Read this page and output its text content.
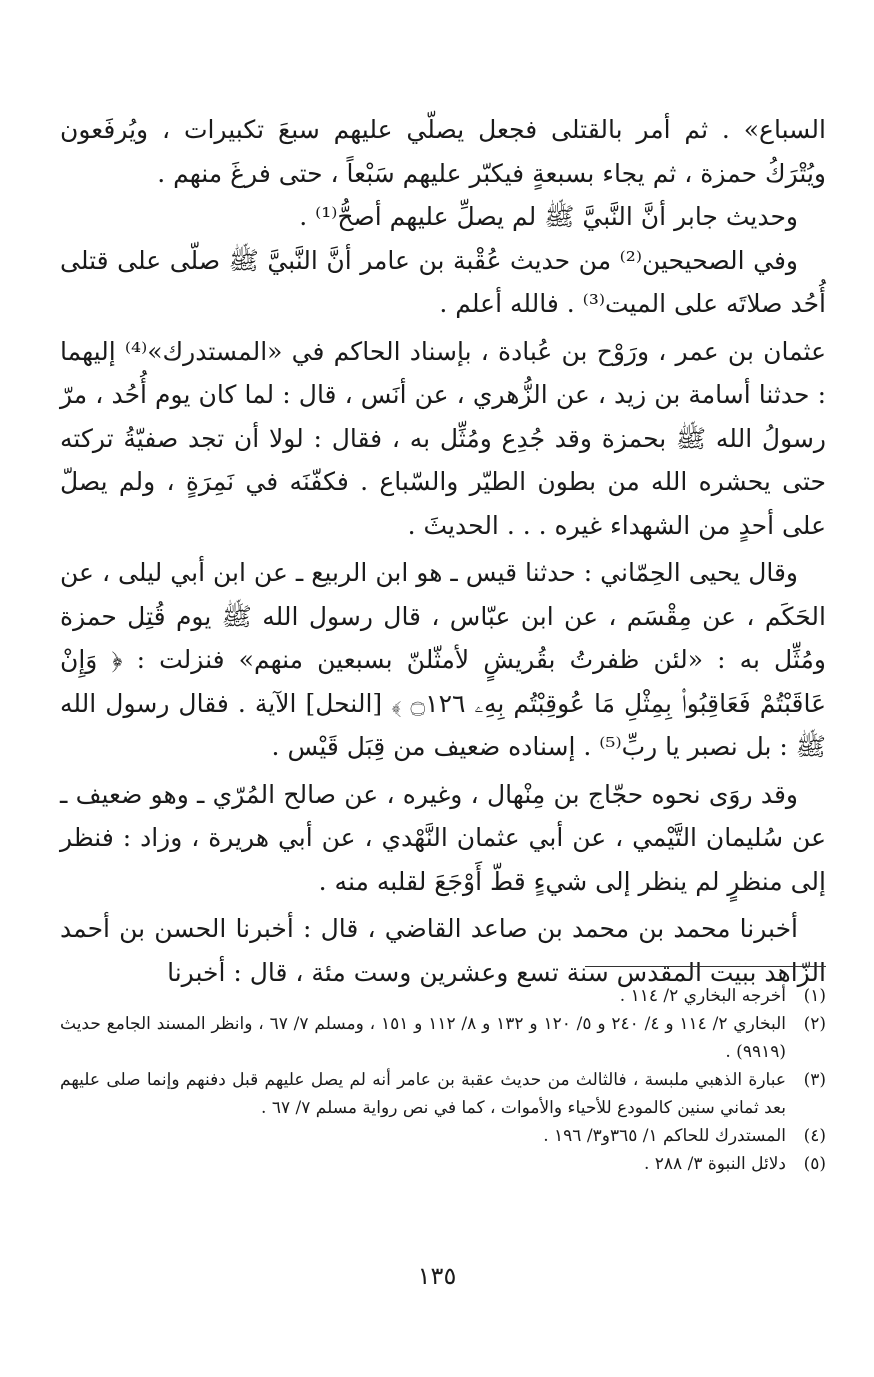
السباع» . ثم أمر بالقتلى فجعل يصلّي عليهم سبعَ تكبيرات ، ويُرفَعون ويُتْرَكُ حمزة ، ثم يجاء بسبعةٍ فيكبّر عليهم سَبْعاً ، حتى فرغَ منهم .

وحديث جابر أنَّ النَّبيَّ ﷺ لم يصلِّ عليهم أصحُّ⁽¹⁾ .

وفي الصحيحين⁽²⁾ من حديث عُقْبة بن عامر أنَّ النَّبيَّ ﷺ صلّى على قتلى أُحُد صلاتَه على الميت⁽³⁾ . فالله أعلم .

عثمان بن عمر ، ورَوْح بن عُبادة ، بإسناد الحاكم في «المستدرك»⁽⁴⁾ إليهما : حدثنا أسامة بن زيد ، عن الزُّهري ، عن أنَس ، قال : لما كان يوم أُحُد ، مرّ رسولُ الله ﷺ بحمزة وقد جُدِع ومُثِّل به ، فقال : لولا أن تجد صفيّةُ تركته حتى يحشره الله من بطون الطيّر والسّباع . فكفّنَه في نَمِرَةٍ ، ولم يصلّ على أحدٍ من الشهداء غيره . . . الحديثَ .

وقال يحيى الحِمّاني : حدثنا قيس ـ هو ابن الربيع ـ عن ابن أبي ليلى ، عن الحَكَم ، عن مِقْسَم ، عن ابن عبّاس ، قال رسول الله ﷺ يوم قُتِل حمزة ومُثِّل به : «لئن ظفرتُ بقُريشٍ لأمثّلنّ بسبعين منهم» فنزلت : ﴿ وَإِنْ عَاقَبْتُمْ فَعَاقِبُوا۟ بِمِثْلِ مَا عُوقِبْتُم بِهِۦ ۝١٢٦ ﴾ [النحل] الآية . فقال رسول الله ﷺ : بل نصبر يا ربِّ⁽⁵⁾ . إسناده ضعيف من قِبَل قَيْس .

وقد روَى نحوه حجّاج بن مِنْهال ، وغيره ، عن صالح المُرّي ـ وهو ضعيف ـ عن سُليمان التَّيْمي ، عن أبي عثمان النَّهْدي ، عن أبي هريرة ، وزاد : فنظر إلى منظرٍ لم ينظر إلى شيءٍ قطّ أَوْجَعَ لقلبه منه .

أخبرنا محمد بن محمد بن صاعد القاضي ، قال : أخبرنا الحسن بن أحمد الزّاهد ببيت المقدس سنة تسع وعشرين وست مئة ، قال : أخبرنا

(١)
أخرجه البخاري ٢/ ١١٤ .
(٢)
البخاري ٢/ ١١٤ و ٤/ ٢٤٠ و ٥/ ١٢٠ و ١٣٢ و ٨/ ١١٢ و ١٥١ ، ومسلم ٧/ ٦٧ ، وانظر المسند الجامع حديث (٩٩١٩) .
(٣)
عبارة الذهبي ملبسة ، فالثالث من حديث عقبة بن عامر أنه لم يصل عليهم قبل دفنهم وإنما صلى عليهم بعد ثماني سنين كالمودع للأحياء والأموات ، كما في نص رواية مسلم ٧/ ٦٧ .
(٤)
المستدرك للحاكم ١/ ٣٦٥و٣/ ١٩٦ .
(٥)
دلائل النبوة ٣/ ٢٨٨ .
١٣٥
